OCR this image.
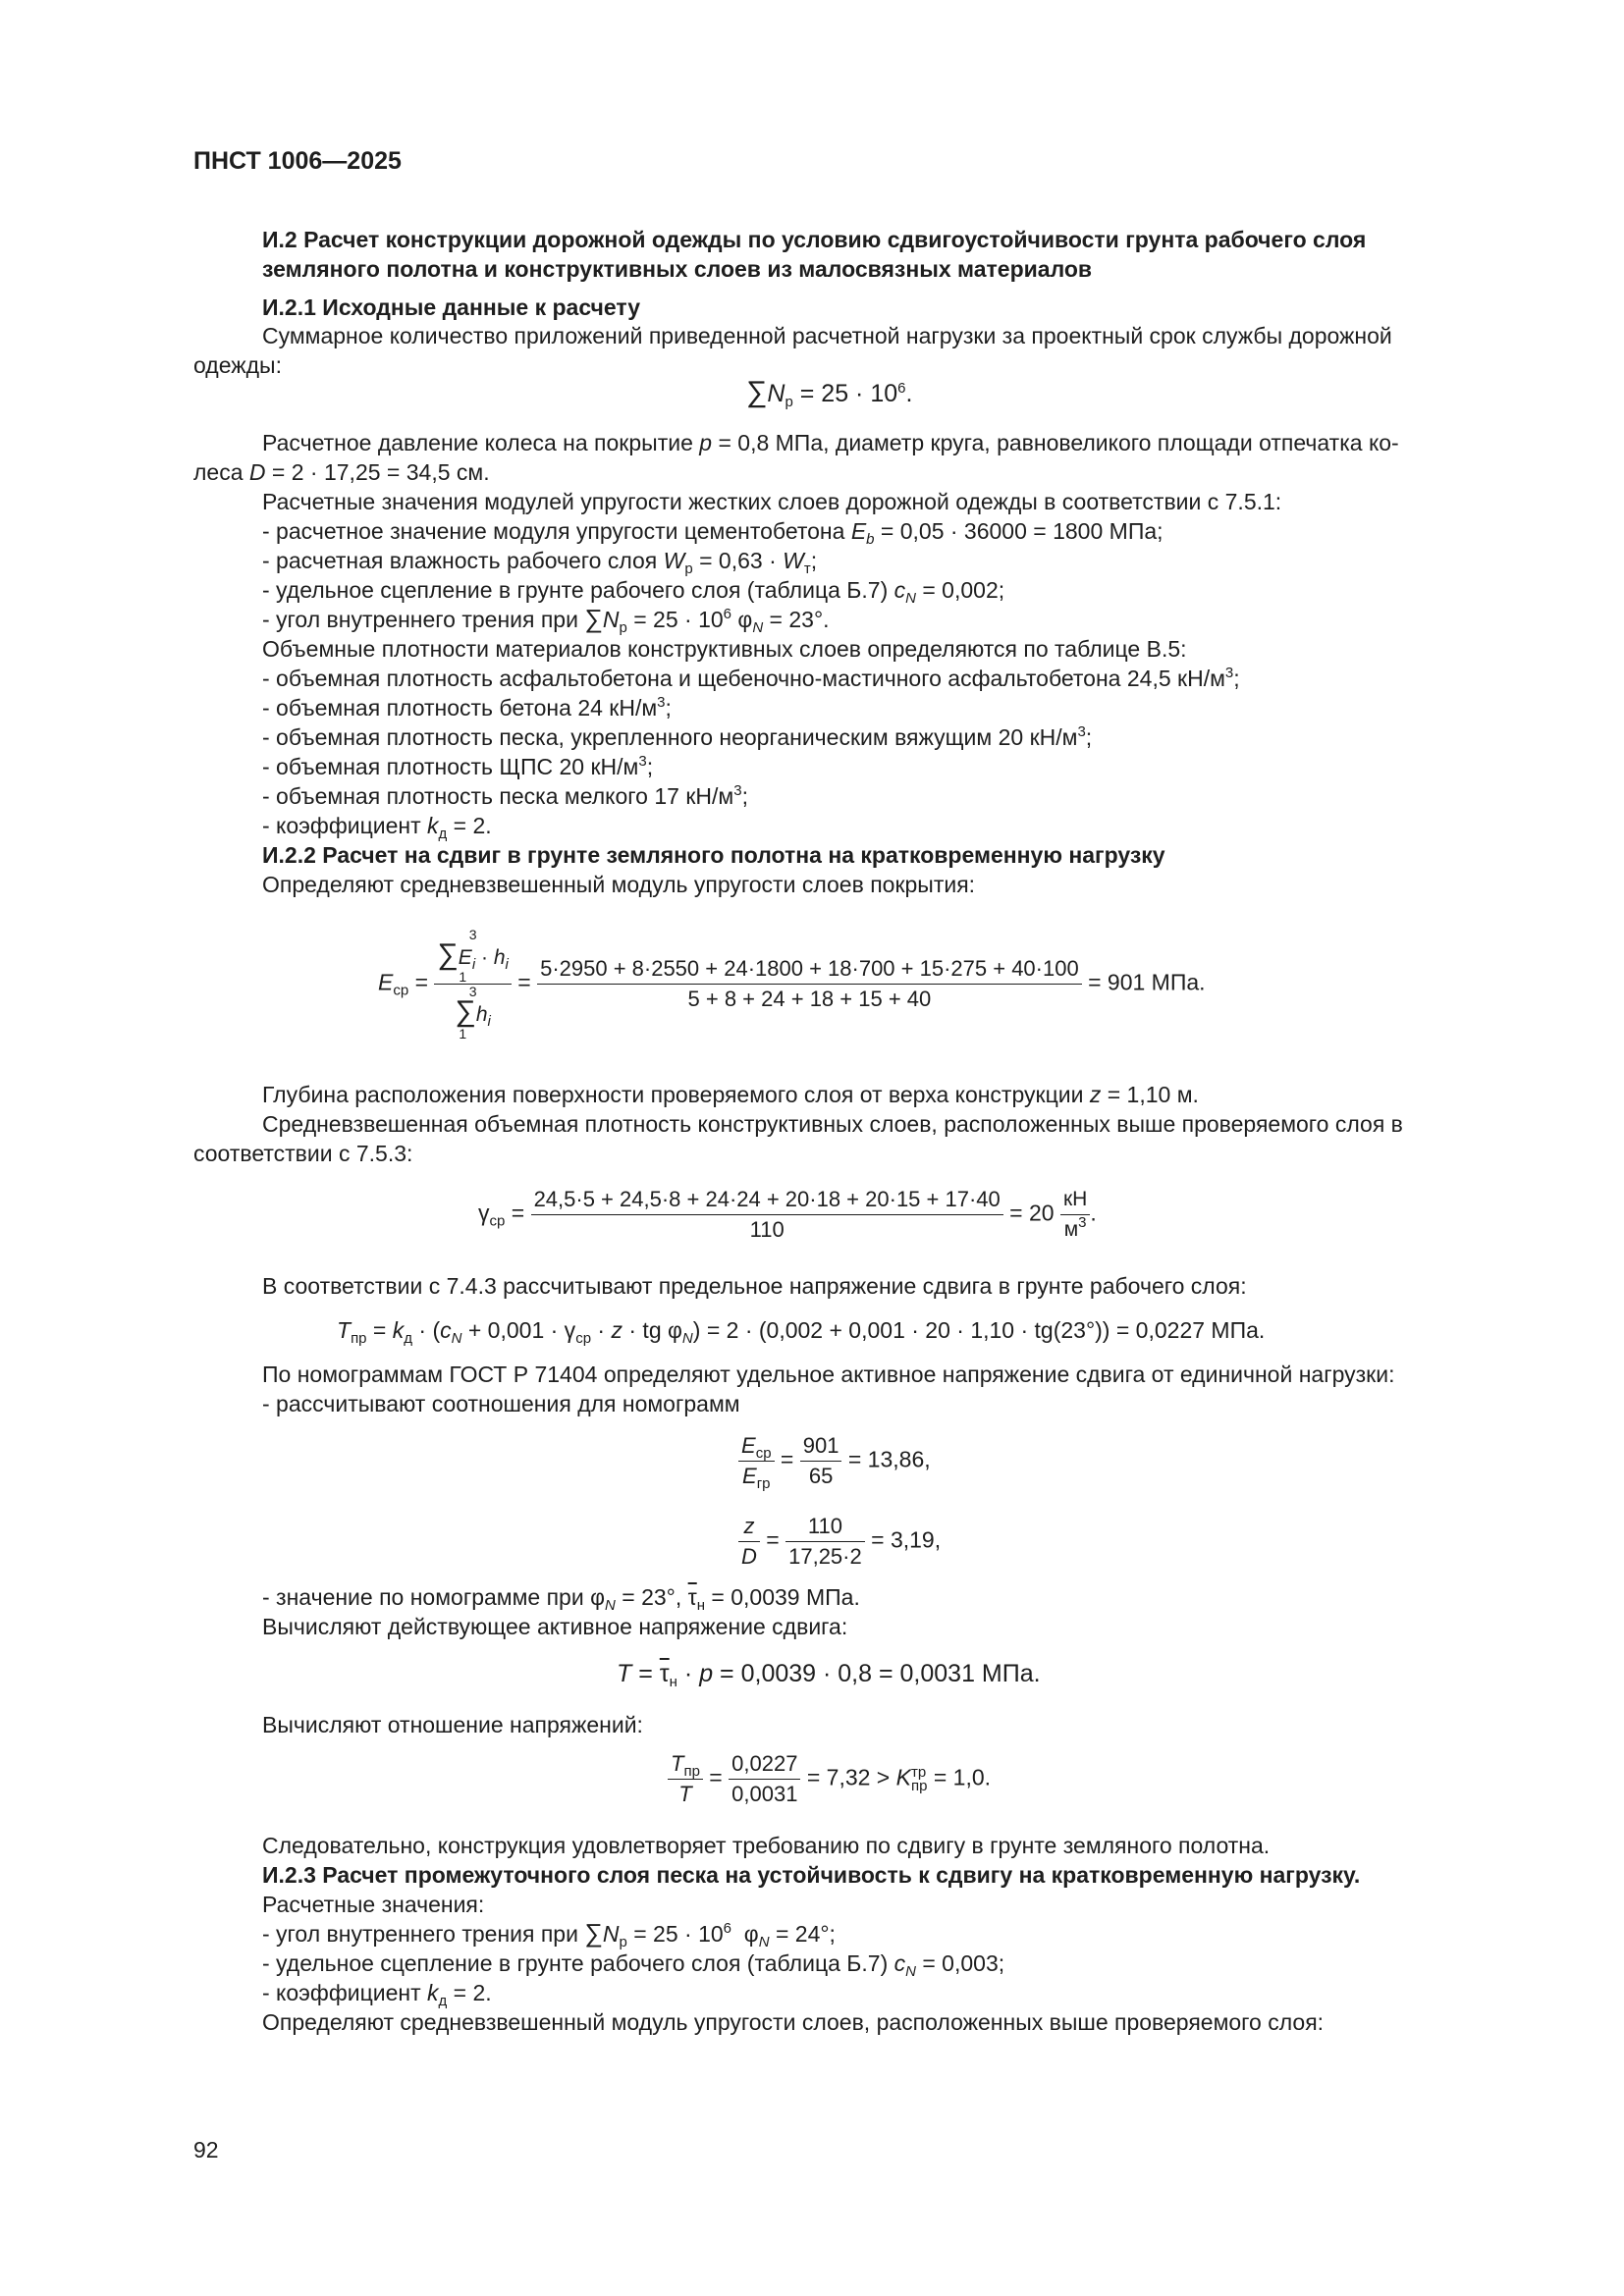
ПНСТ 1006—2025
И.2 Расчет конструкции дорожной одежды по условию сдвигоустойчивости грунта рабочего слоя
земляного полотна и конструктивных слоев из малосвязных материалов
И.2.1 Исходные данные к расчету
Суммарное количество приложений приведенной расчетной нагрузки за проектный срок службы дорожной
одежды:
$\sum N_р = 25 \cdot 10^6$.
Расчетное давление колеса на покрытие p = 0,8 МПа, диаметр круга, равновеликого площади отпечатка ко-
леса D = 2 · 17,25 = 34,5 см.
Расчетные значения модулей упругости жестких слоев дорожной одежды в соответствии с 7.5.1:
- расчетное значение модуля упругости цементобетона $E_b = 0,05 \cdot 36000 = 1800$ МПа;
- расчетная влажность рабочего слоя $W_р = 0,63 \cdot W_т$;
- удельное сцепление в грунте рабочего слоя (таблица Б.7) $c_N = 0,002$;
- угол внутреннего трения при $\sum N_р = 25 \cdot 10^6$ $\varphi_N = 23^\circ$.
Объемные плотности материалов конструктивных слоев определяются по таблице В.5:
- объемная плотность асфальтобетона и щебеночно-мастичного асфальтобетона 24,5 $кН/м^3$;
- объемная плотность бетона 24 $кН/м^3$;
- объемная плотность песка, укрепленного неорганическим вяжущим 20 $кН/м^3$;
- объемная плотность ЩПС 20 $кН/м^3$;
- объемная плотность песка мелкого 17 $кН/м^3$;
- коэффициент $k_д = 2$.
И.2.2 Расчет на сдвиг в грунте земляного полотна на кратковременную нагрузку
Определяют средневзвешенный модуль упругости слоев покрытия:
$E_{ср} = 3$
$\sum E_i \cdot h_i$
1
3
$\sum h_i$
$1 = \frac{5\cdot 2950 + 8\cdot 2550 + 24\cdot 1800 + 18\cdot 700 + 15\cdot 275 + 40\cdot 100}{5 + 8 + 24 + 18 + 15 + 40} = 901$ МПа.
Глубина расположения поверхности проверяемого слоя от верха конструкции z = 1,10 м.
Средневзвешенная объемная плотность конструктивных слоев, расположенных выше проверяемого слоя в
соответствии с 7.5.3:
$\gamma_{ср} = \frac{24,5\cdot 5 + 24,5\cdot 8 + 24\cdot 24 + 20\cdot 18 + 20\cdot 15 + 17\cdot 40}{110} = 20 \frac{кН}{м^3}$ .
В соответствии с 7.4.3 рассчитывают предельное напряжение сдвига в грунте рабочего слоя:
$T_{пр} = k_д \cdot (c_N + 0,001 \cdot \gamma_{ср} \cdot z$ · tg $\varphi_N) = 2 \cdot (0,002 + 0,001 \cdot 20 \cdot 1,10 \cdot tg(23^\circ)) = 0,0227$ МПа.
По номограммам ГОСТ Р 71404 определяют удельное активное напряжение сдвига от единичной нагрузки:
- рассчитывают соотношения для номограмм
$\frac{E_{ср}}{E_{гр}} = \frac{901}{65} = 13,86$,
$\frac{z}{D} = \frac{110}{17,25\cdot 2} = 3,19$,
- значение по номограмме при $\varphi_N = 23^\circ$, $\overline{\tau}_н = 0,0039$ МПа.
Вычисляют действующее активное напряжение сдвига:
$T = \overline{\tau}_н \cdot p = 0,0039 \cdot 0,8 = 0,0031$ МПа.
Вычисляют отношение напряжений:
$\frac{T_{пр}}{T} = \frac{0,0227}{0,0031} = 7,32 > K$ тр
пр = 1,0.
Следовательно, конструкция удовлетворяет требованию по сдвигу в грунте земляного полотна.
И.2.3 Расчет промежуточного слоя песка на устойчивость к сдвигу на кратковременную нагрузку.
Расчетные значения:
- угол внутреннего трения при $\sum N_р = 25 \cdot 10^6$  $\varphi_N = 24^\circ$;
- удельное сцепление в грунте рабочего слоя (таблица Б.7) $c_N = 0,003$;
- коэффициент $k_д = 2$.
Определяют средневзвешенный модуль упругости слоев, расположенных выше проверяемого слоя:
92
